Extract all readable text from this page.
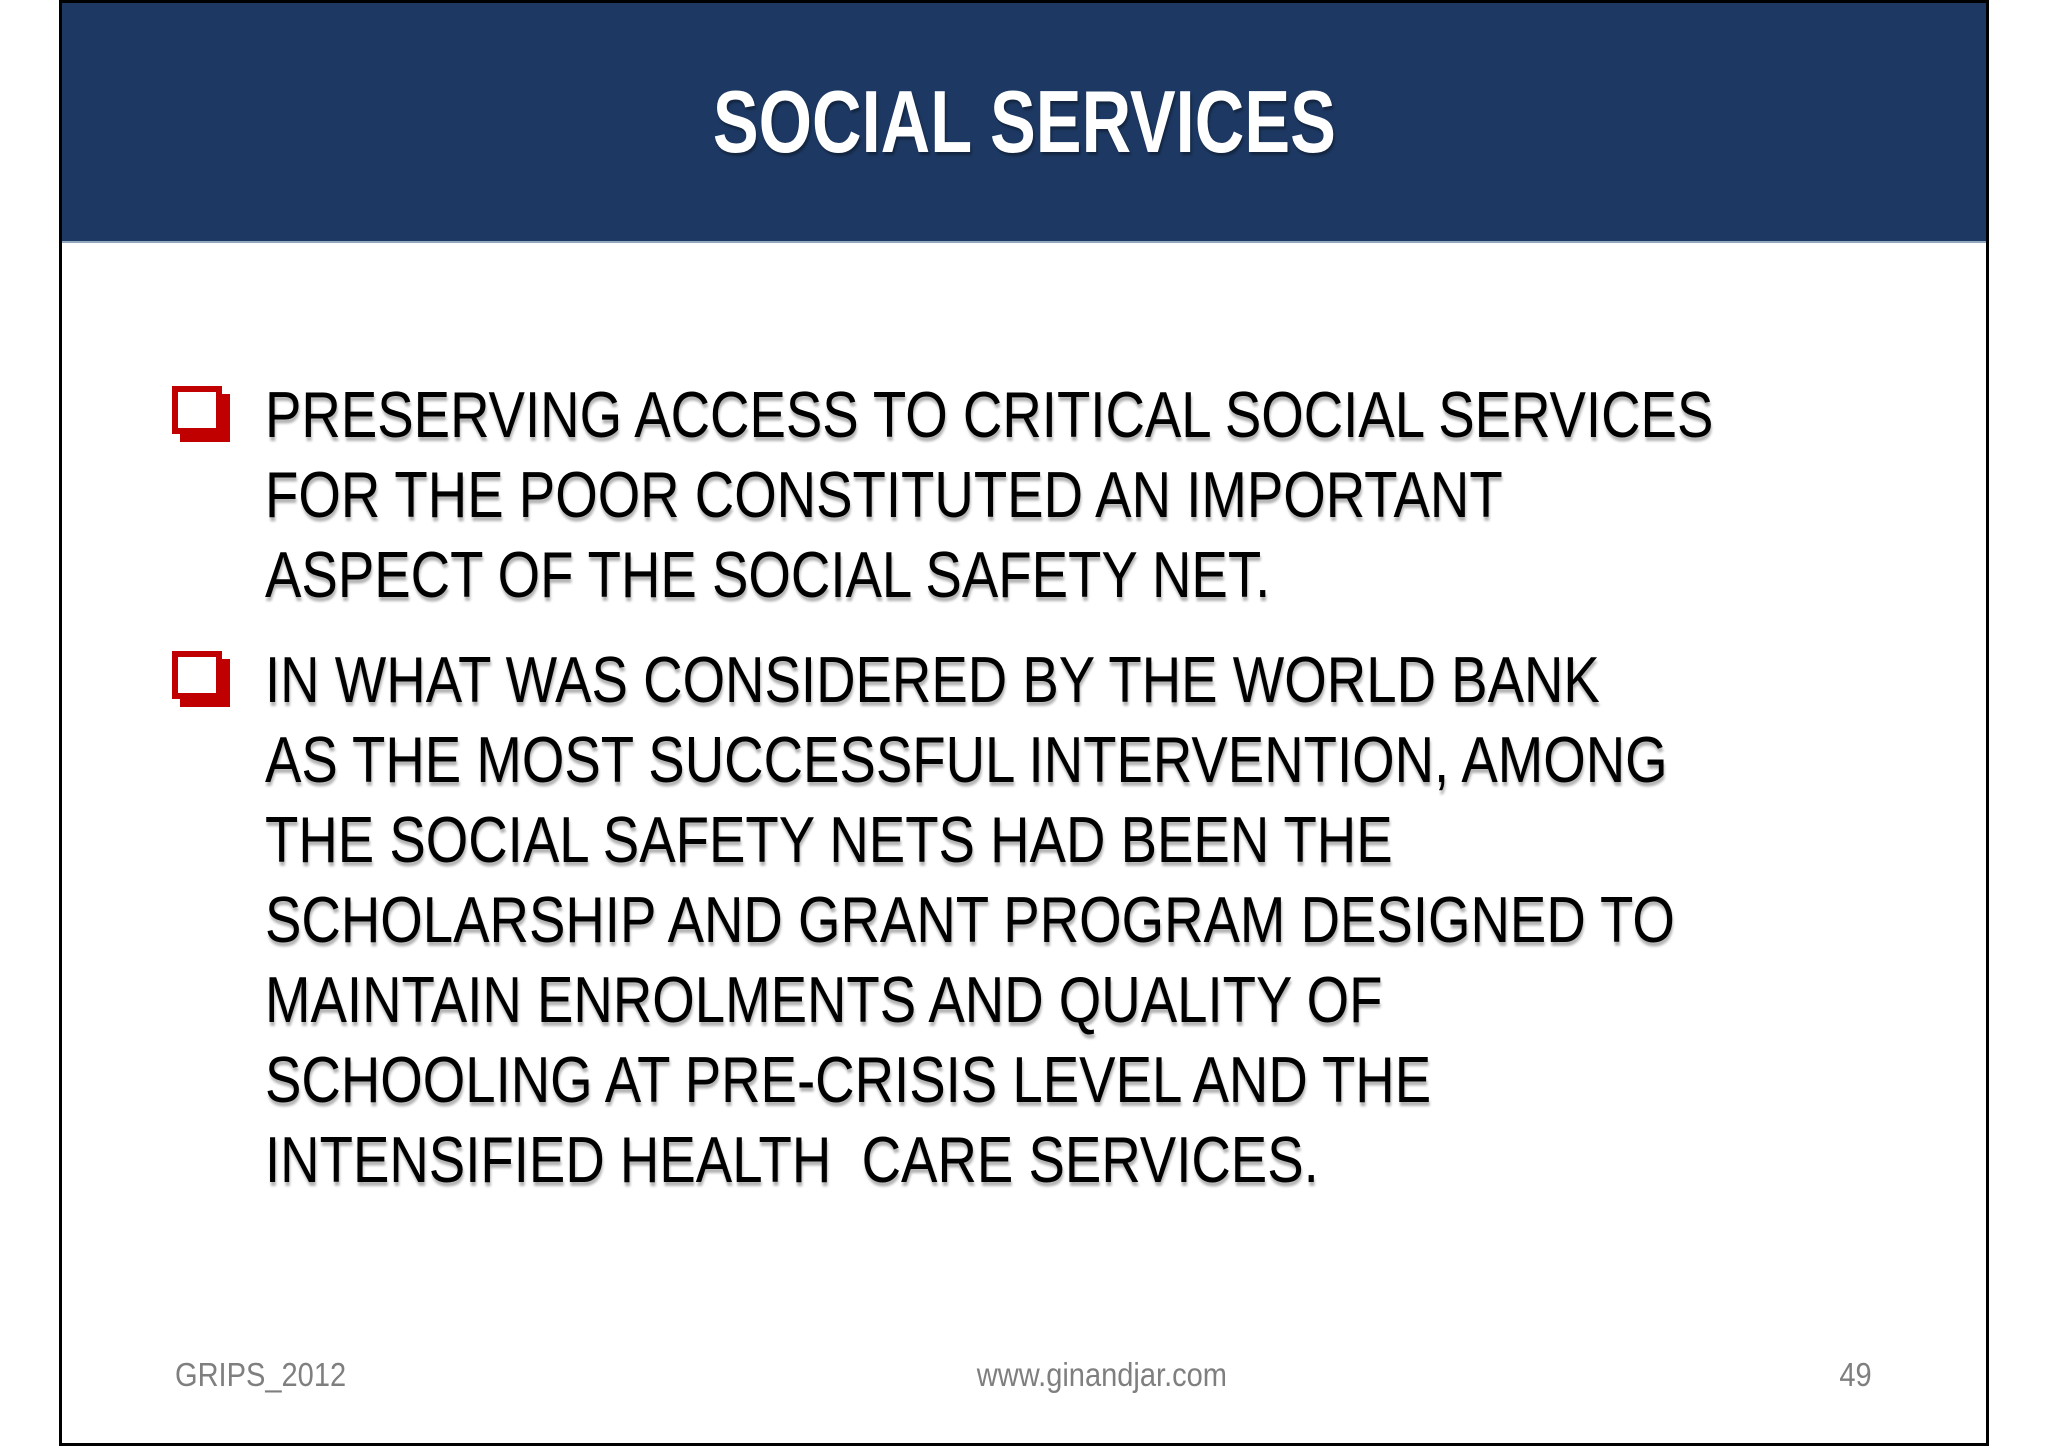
SOCIAL SERVICES
PRESERVING ACCESS TO CRITICAL SOCIAL SERVICES
FOR THE POOR CONSTITUTED AN IMPORTANT
ASPECT OF THE SOCIAL SAFETY NET.
IN WHAT WAS CONSIDERED BY THE WORLD BANK
AS THE MOST SUCCESSFUL INTERVENTION, AMONG
THE SOCIAL SAFETY NETS HAD BEEN THE
SCHOLARSHIP AND GRANT PROGRAM DESIGNED TO
MAINTAIN ENROLMENTS AND QUALITY OF
SCHOOLING AT PRE-CRISIS LEVEL AND THE
INTENSIFIED HEALTH  CARE SERVICES.
GRIPS_2012	www.ginandjar.com	49
